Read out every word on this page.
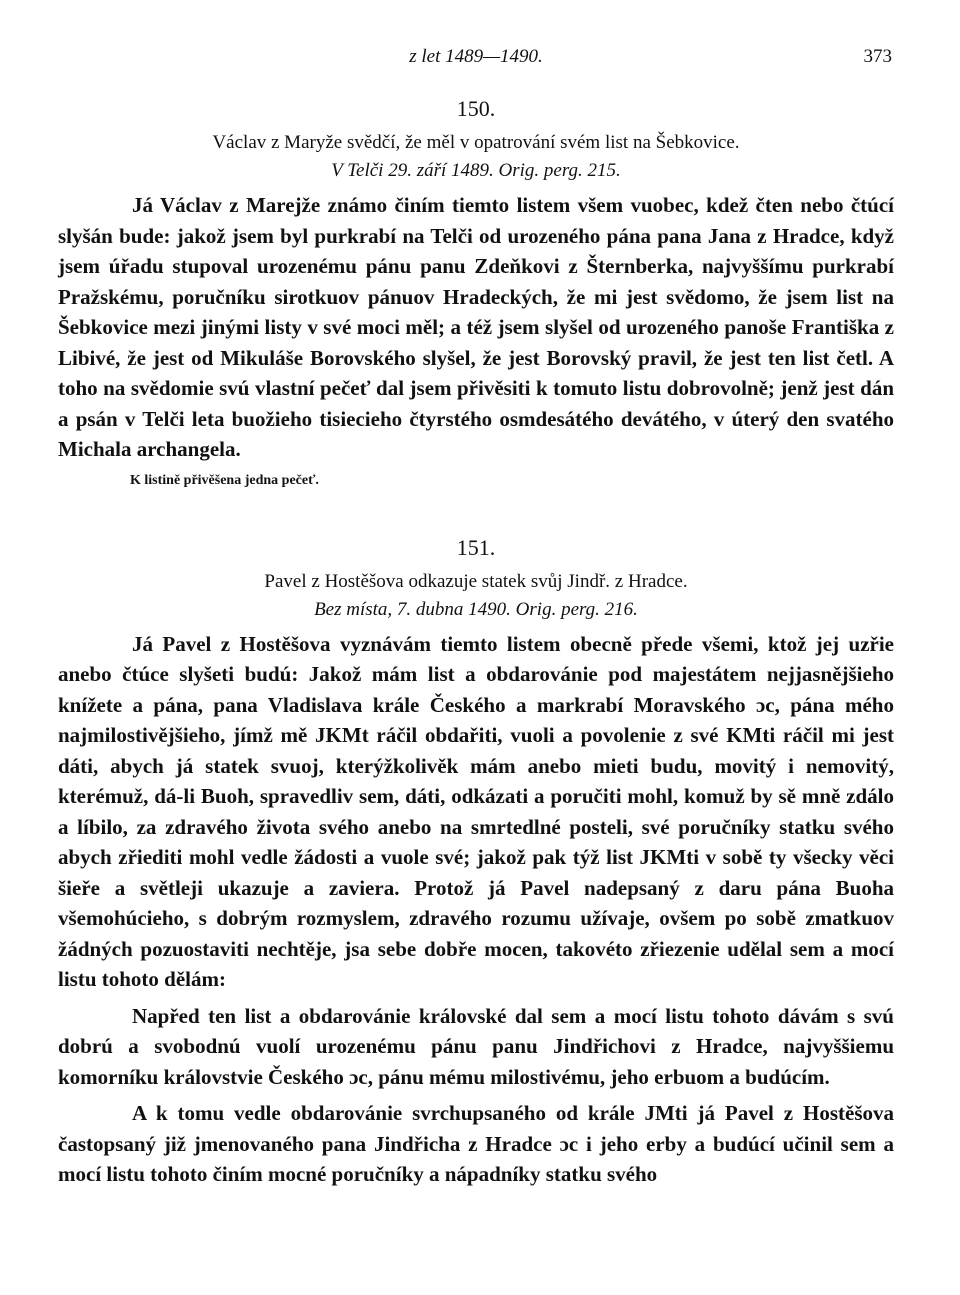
z let 1489—1490.	373
150.
Václav z Maryže svědčí, že měl v opatrování svém list na Šebkovice.
V Telči 29. září 1489. Orig. perg. 215.

Já Václav z Marejže známo činím tiemto listem všem vuobec, kdež čten nebo čtúcí slyšán bude: jakož jsem byl purkrabí na Telči od urozeného pána pana Jana z Hradce, když jsem úřadu stupoval urozenému pánu panu Zdeňkovi z Šternberka, najvyššímu purkrabí Pražskému, poručníku sirotkuov pánuov Hradeckých, že mi jest svědomo, že jsem list na Šebkovice mezi jinými listy v své moci měl; a též jsem slyšel od urozeného panoše Františka z Libivé, že jest od Mikuláše Borovského slyšel, že jest Borovský pravil, že jest ten list četl. A toho na svědomie svú vlastní pečeť dal jsem přivěsiti k tomuto listu dobrovolně; jenž jest dán a psán v Telči leta buožieho tisiecieho čtyrstého osmdesátého devátého, v úterý den svatého Michala archangela.

K listině přivěšena jedna pečeť.
151.
Pavel z Hostěšova odkazuje statek svůj Jindř. z Hradce.
Bez místa, 7. dubna 1490. Orig. perg. 216.

Já Pavel z Hostěšova vyznávám tiemto listem obecně přede všemi, ktož jej uzřie anebo čtúce slyšeti budú: Jakož mám list a obdarovánie pod majestátem nejjasnějšieho knížete a pána, pana Vladislava krále Českého a markrabí Moravského ɔc, pána mého najmilostivějšieho, jímž mě JKMt ráčil obdařiti, vuoli a povolenie z své KMti ráčil mi jest dáti, abych já statek svuoj, kterýžkolivěk mám anebo mieti budu, movitý i nemovitý, kterémuž, dá-li Buoh, spravedliv sem, dáti, odkázati a poručiti mohl, komuž by sě mně zdálo a líbilo, za zdravého života svého anebo na smrtedlné posteli, své poručníky statku svého abych zřiediti mohl vedle žádosti a vuole své; jakož pak týž list JKMti v sobě ty všecky věci šieře a světleji ukazuje a zaviera. Protož já Pavel nadepsaný z daru pána Buoha všemohúcieho, s dobrým rozmyslem, zdravého rozumu užívaje, ovšem po sobě zmatkuov žádných pozuostaviti nechtěje, jsa sebe dobře mocen, takovéto zřiezenie udělal sem a mocí listu tohoto dělám:

Napřed ten list a obdarovánie královské dal sem a mocí listu tohoto dávám s svú dobrú a svobodnú vuolí urozenému pánu panu Jindřichovi z Hradce, najvyššiemu komorníku královstvie Českého ɔc, pánu mému milostivému, jeho erbuom a budúcím.

A k tomu vedle obdarovánie svrchupsaného od krále JMti já Pavel z Hostěšova častopsaný již jmenovaného pana Jindřicha z Hradce ɔc i jeho erby a budúcí učinil sem a mocí listu tohoto činím mocné poručníky a nápadníky statku svého
